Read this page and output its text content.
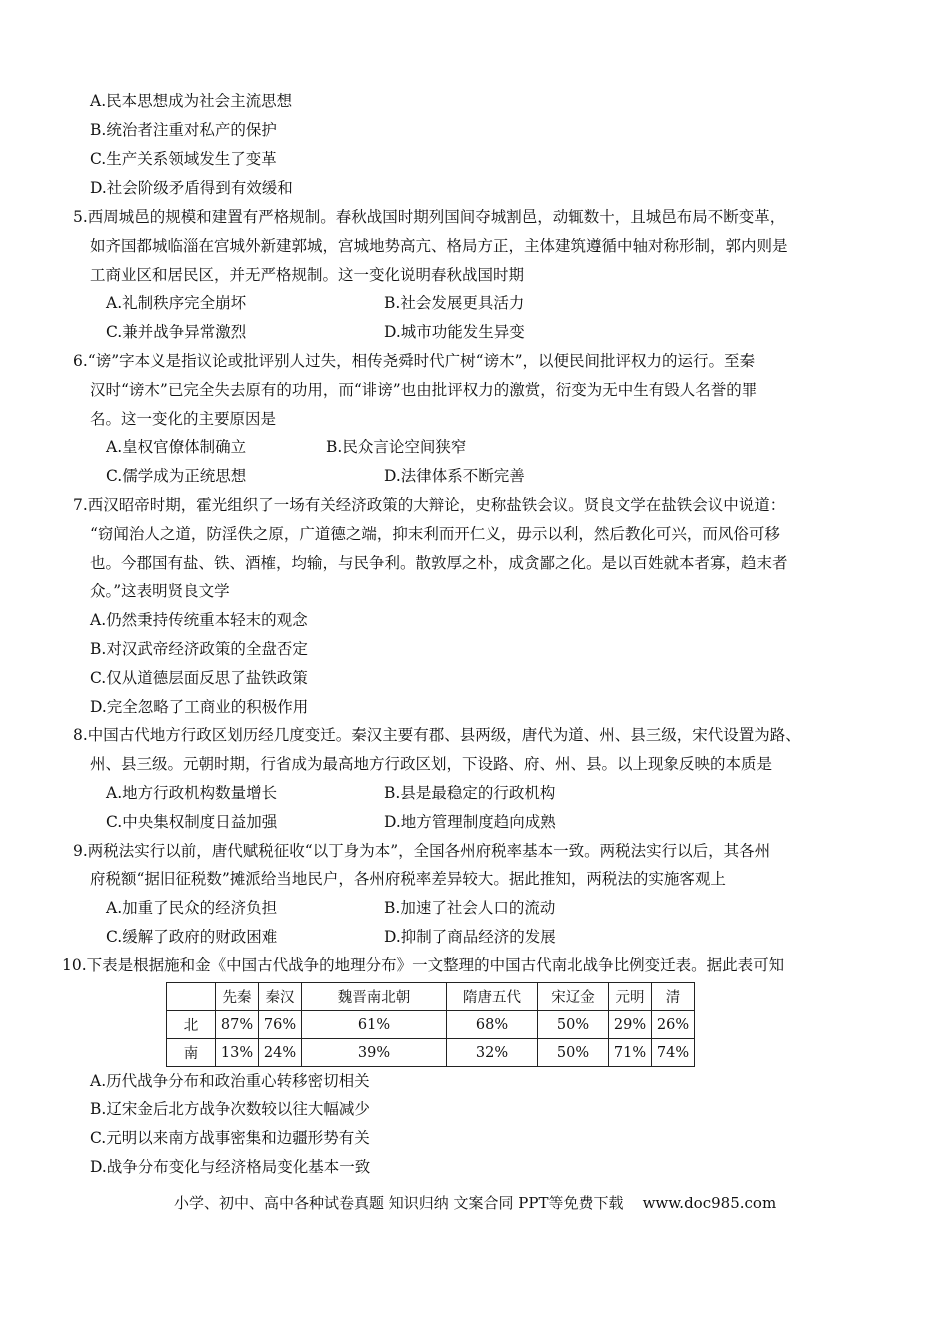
A.民本思想成为社会主流思想
B.统治者注重对私产的保护
C.生产关系领域发生了变革
D.社会阶级矛盾得到有效缓和
5.西周城邑的规模和建置有严格规制。春秋战国时期列国间夺城割邑，动辄数十，且城邑布局不断变革，
如齐国都城临淄在宫城外新建郭城，宫城地势高亢、格局方正，主体建筑遵循中轴对称形制，郭内则是
工商业区和居民区，并无严格规制。这一变化说明春秋战国时期
A.礼制秩序完全崩坏	B.社会发展更具活力
C.兼并战争异常激烈	D.城市功能发生异变
6.“谤”字本义是指议论或批评别人过失，相传尧舜时代广树“谤木”，以便民间批评权力的运行。至秦
汉时“谤木”已完全失去原有的功用，而“诽谤”也由批评权力的激赏，衍变为无中生有毁人名誉的罪
名。这一变化的主要原因是
A.皇权官僚体制确立	B.民众言论空间狭窄
C.儒学成为正统思想	D.法律体系不断完善
7.西汉昭帝时期，霍光组织了一场有关经济政策的大辩论，史称盐铁会议。贤良文学在盐铁会议中说道：
“窃闻治人之道，防淫佚之原，广道德之端，抑末利而开仁义，毋示以利，然后教化可兴，而风俗可移
也。今郡国有盐、铁、酒榷，均输，与民争利。散敦厚之朴，成贪鄙之化。是以百姓就本者寡，趋末者
众。”这表明贤良文学
A.仍然秉持传统重本轻末的观念
B.对汉武帝经济政策的全盘否定
C.仅从道德层面反思了盐铁政策
D.完全忽略了工商业的积极作用
8.中国古代地方行政区划历经几度变迁。秦汉主要有郡、县两级，唐代为道、州、县三级，宋代设置为路、
州、县三级。元朝时期，行省成为最高地方行政区划，下设路、府、州、县。以上现象反映的本质是
A.地方行政机构数量增长	B.县是最稳定的行政机构
C.中央集权制度日益加强	D.地方管理制度趋向成熟
9.两税法实行以前，唐代赋税征收“以丁身为本”，全国各州府税率基本一致。两税法实行以后，其各州
府税额“据旧征税数”摊派给当地民户，各州府税率差异较大。据此推知，两税法的实施客观上
A.加重了民众的经济负担	B.加速了社会人口的流动
C.缓解了政府的财政困难	D.抑制了商品经济的发展
10.下表是根据施和金《中国古代战争的地理分布》一文整理的中国古代南北战争比例变迁表。据此表可知
	先秦	秦汉	魏晋南北朝	隋唐五代	宋辽金	元明	清
北	87%	76%	61%	68%	50%	29%	26%
南	13%	24%	39%	32%	50%	71%	74%
A.历代战争分布和政治重心转移密切相关
B.辽宋金后北方战争次数较以往大幅减少
C.元明以来南方战事密集和边疆形势有关
D.战争分布变化与经济格局变化基本一致
小学、初中、高中各种试卷真题 知识归纳 文案合同 PPT等免费下载    www.doc985.com
